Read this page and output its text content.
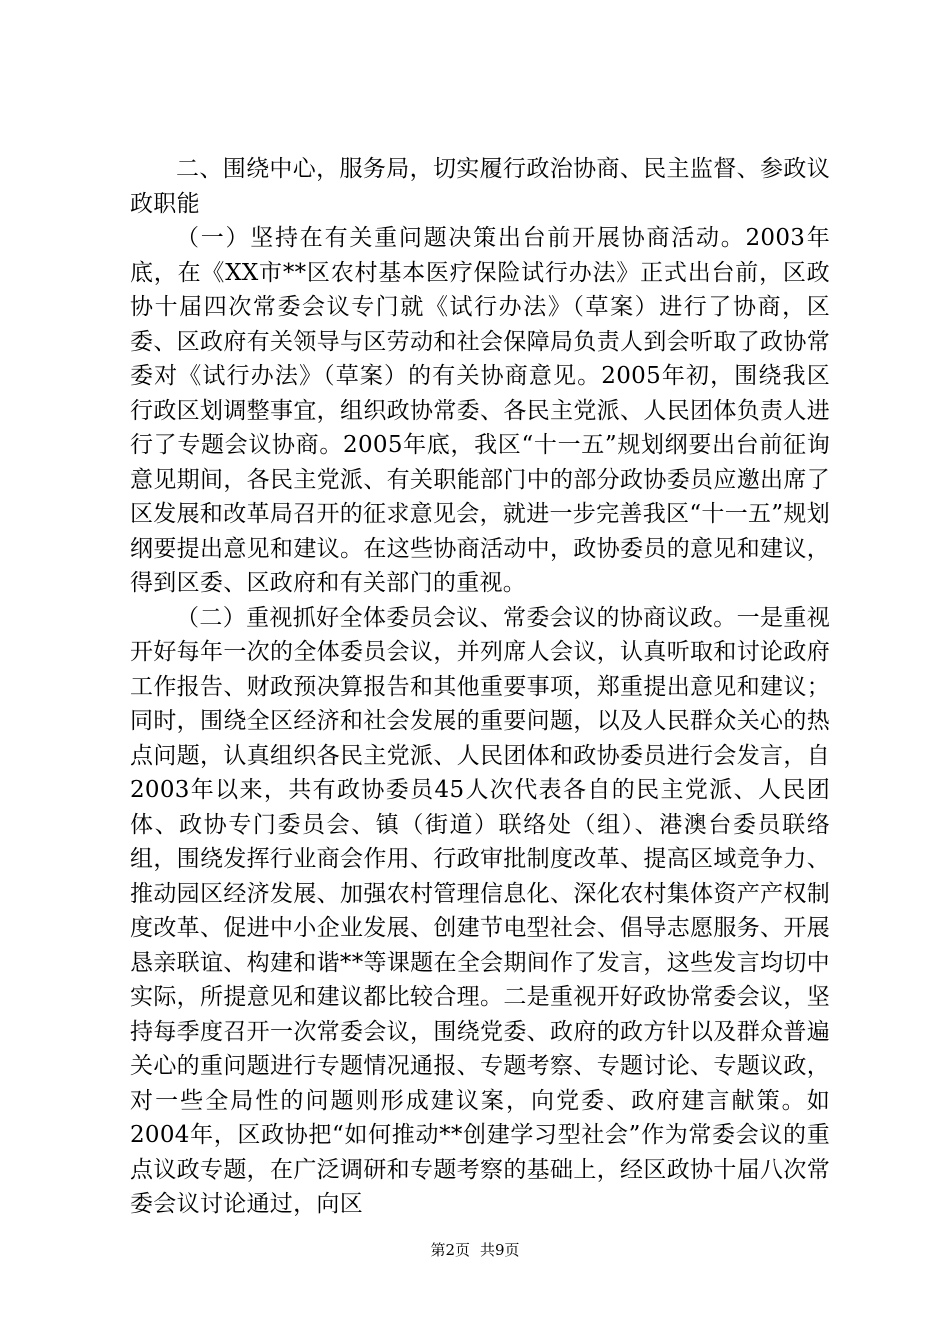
二、围绕中心，服务局，切实履行政治协商、民主监督、参政议政职能

（一）坚持在有关重问题决策出台前开展协商活动。2003年底，在《XX市**区农村基本医疗保险试行办法》正式出台前，区政协十届四次常委会议专门就《试行办法》（草案）进行了协商，区委、区政府有关领导与区劳动和社会保障局负责人到会听取了政协常委对《试行办法》（草案）的有关协商意见。2005年初，围绕我区行政区划调整事宜，组织政协常委、各民主党派、人民团体负责人进行了专题会议协商。2005年底，我区“十一五”规划纲要出台前征询意见期间，各民主党派、有关职能部门中的部分政协委员应邀出席了区发展和改革局召开的征求意见会，就进一步完善我区“十一五”规划纲要提出意见和建议。在这些协商活动中，政协委员的意见和建议，得到区委、区政府和有关部门的重视。

（二）重视抓好全体委员会议、常委会议的协商议政。一是重视开好每年一次的全体委员会议，并列席人会议，认真听取和讨论政府工作报告、财政预决算报告和其他重要事项，郑重提出意见和建议；同时，围绕全区经济和社会发展的重要问题，以及人民群众关心的热点问题，认真组织各民主党派、人民团体和政协委员进行会发言，自2003年以来，共有政协委员45人次代表各自的民主党派、人民团体、政协专门委员会、镇（街道）联络处（组）、港澳台委员联络组，围绕发挥行业商会作用、行政审批制度改革、提高区域竞争力、推动园区经济发展、加强农村管理信息化、深化农村集体资产产权制度改革、促进中小企业发展、创建节电型社会、倡导志愿服务、开展恳亲联谊、构建和谐**等课题在全会期间作了发言，这些发言均切中实际，所提意见和建议都比较合理。二是重视开好政协常委会议，坚持每季度召开一次常委会议，围绕党委、政府的政方针以及群众普遍关心的重问题进行专题情况通报、专题考察、专题讨论、专题议政，对一些全局性的问题则形成建议案，向党委、政府建言献策。如2004年，区政协把“如何推动**创建学习型社会”作为常委会议的重点议政专题，在广泛调研和专题考察的基础上，经区政协十届八次常委会议讨论通过，向区

第2页 共9页
